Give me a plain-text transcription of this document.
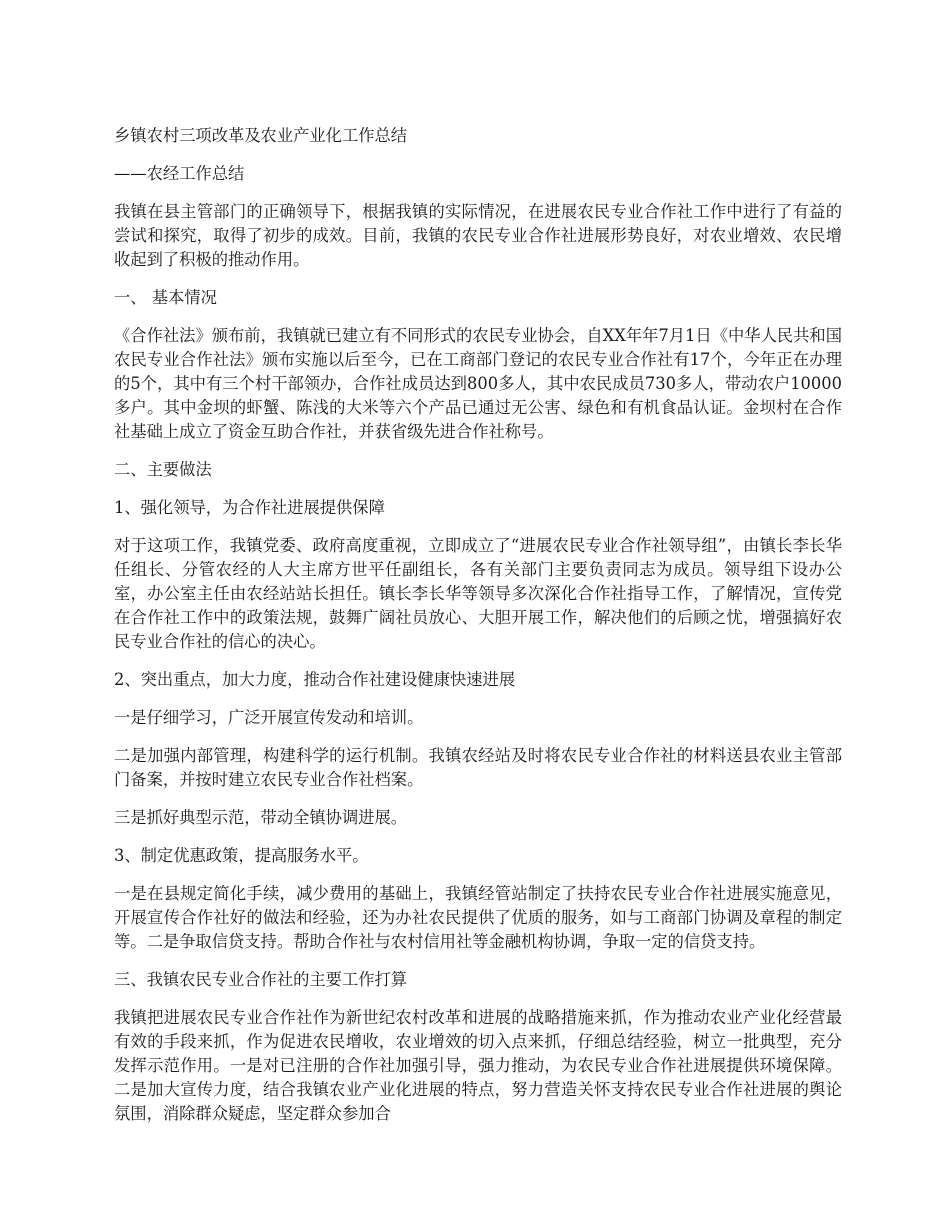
乡镇农村三项改革及农业产业化工作总结

——农经工作总结

我镇在县主管部门的正确领导下，根据我镇的实际情况，在进展农民专业合作社工作中进行了有益的尝试和探究，取得了初步的成效。目前，我镇的农民专业合作社进展形势良好，对农业增效、农民增收起到了积极的推动作用。

一、 基本情况

《合作社法》颁布前，我镇就已建立有不同形式的农民专业协会，自XX年年7月1日《中华人民共和国农民专业合作社法》颁布实施以后至今，已在工商部门登记的农民专业合作社有17个，今年正在办理的5个，其中有三个村干部领办，合作社成员达到800多人，其中农民成员730多人，带动农户10000多户。其中金坝的虾蟹、陈浅的大米等六个产品已通过无公害、绿色和有机食品认证。金坝村在合作社基础上成立了资金互助合作社，并获省级先进合作社称号。

二、主要做法

1、强化领导，为合作社进展提供保障

对于这项工作，我镇党委、政府高度重视，立即成立了“进展农民专业合作社领导组”，由镇长李长华任组长、分管农经的人大主席方世平任副组长，各有关部门主要负责同志为成员。领导组下设办公室，办公室主任由农经站站长担任。镇长李长华等领导多次深化合作社指导工作，了解情况，宣传党在合作社工作中的政策法规，鼓舞广阔社员放心、大胆开展工作，解决他们的后顾之忧，增强搞好农民专业合作社的信心的决心。

2、突出重点，加大力度，推动合作社建设健康快速进展

一是仔细学习，广泛开展宣传发动和培训。

二是加强内部管理，构建科学的运行机制。我镇农经站及时将农民专业合作社的材料送县农业主管部门备案，并按时建立农民专业合作社档案。

三是抓好典型示范，带动全镇协调进展。

3、制定优惠政策，提高服务水平。

一是在县规定简化手续，减少费用的基础上，我镇经管站制定了扶持农民专业合作社进展实施意见，开展宣传合作社好的做法和经验，还为办社农民提供了优质的服务，如与工商部门协调及章程的制定等。二是争取信贷支持。帮助合作社与农村信用社等金融机构协调，争取一定的信贷支持。

三、我镇农民专业合作社的主要工作打算

我镇把进展农民专业合作社作为新世纪农村改革和进展的战略措施来抓，作为推动农业产业化经营最有效的手段来抓，作为促进农民增收，农业增效的切入点来抓，仔细总结经验，树立一批典型，充分发挥示范作用。一是对已注册的合作社加强引导，强力推动，为农民专业合作社进展提供环境保障。二是加大宣传力度，结合我镇农业产业化进展的特点，努力营造关怀支持农民专业合作社进展的舆论氛围，消除群众疑虑，坚定群众参加合
